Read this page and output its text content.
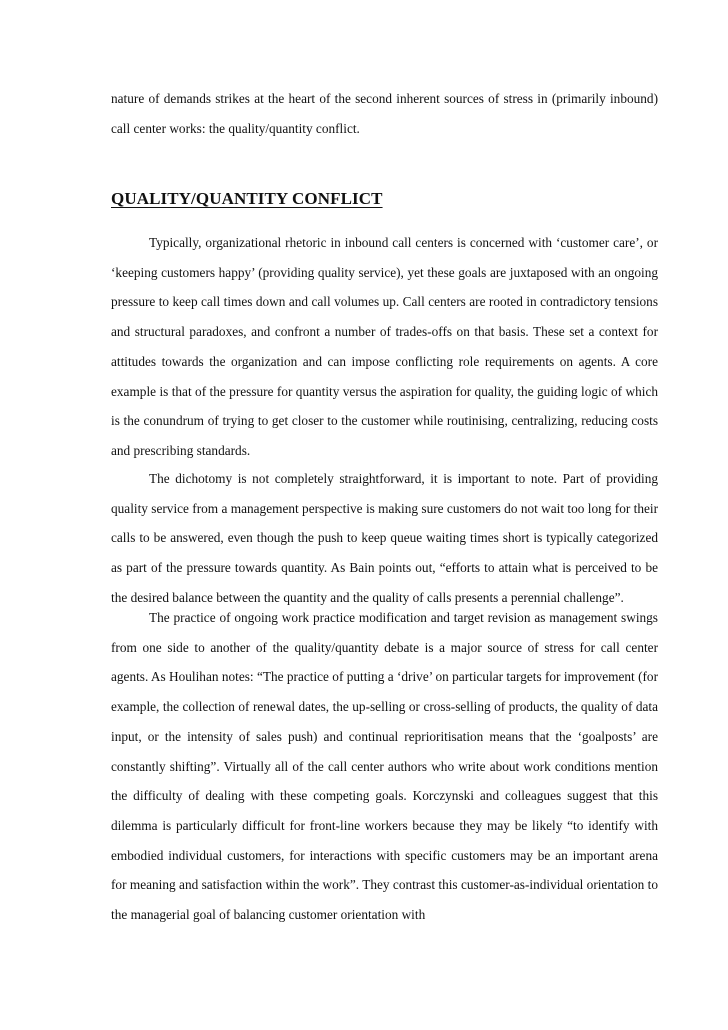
nature of demands strikes at the heart of the second inherent sources of stress in (primarily inbound) call center works: the quality/quantity conflict.

QUALITY/QUANTITY CONFLICT

Typically, organizational rhetoric in inbound call centers is concerned with ‘customer care’, or ‘keeping customers happy’ (providing quality service), yet these goals are juxtaposed with an ongoing pressure to keep call times down and call volumes up. Call centers are rooted in contradictory tensions and structural paradoxes, and confront a number of trades-offs on that basis. These set a context for attitudes towards the organization and can impose conflicting role requirements on agents. A core example is that of the pressure for quantity versus the aspiration for quality, the guiding logic of which is the conundrum of trying to get closer to the customer while routinising, centralizing, reducing costs and prescribing standards.

The dichotomy is not completely straightforward, it is important to note. Part of providing quality service from a management perspective is making sure customers do not wait too long for their calls to be answered, even though the push to keep queue waiting times short is typically categorized as part of the pressure towards quantity. As Bain points out, “efforts to attain what is perceived to be the desired balance between the quantity and the quality of calls presents a perennial challenge”.

The practice of ongoing work practice modification and target revision as management swings from one side to another of the quality/quantity debate is a major source of stress for call center agents. As Houlihan notes: “The practice of putting a ‘drive’ on particular targets for improvement (for example, the collection of renewal dates, the up-selling or cross-selling of products, the quality of data input, or the intensity of sales push) and continual reprioritisation means that the ‘goalposts’ are constantly shifting”. Virtually all of the call center authors who write about work conditions mention the difficulty of dealing with these competing goals. Korczynski and colleagues suggest that this dilemma is particularly difficult for front-line workers because they may be likely “to identify with embodied individual customers, for interactions with specific customers may be an important arena for meaning and satisfaction within the work”. They contrast this customer-as-individual orientation to the managerial goal of balancing customer orientation with
